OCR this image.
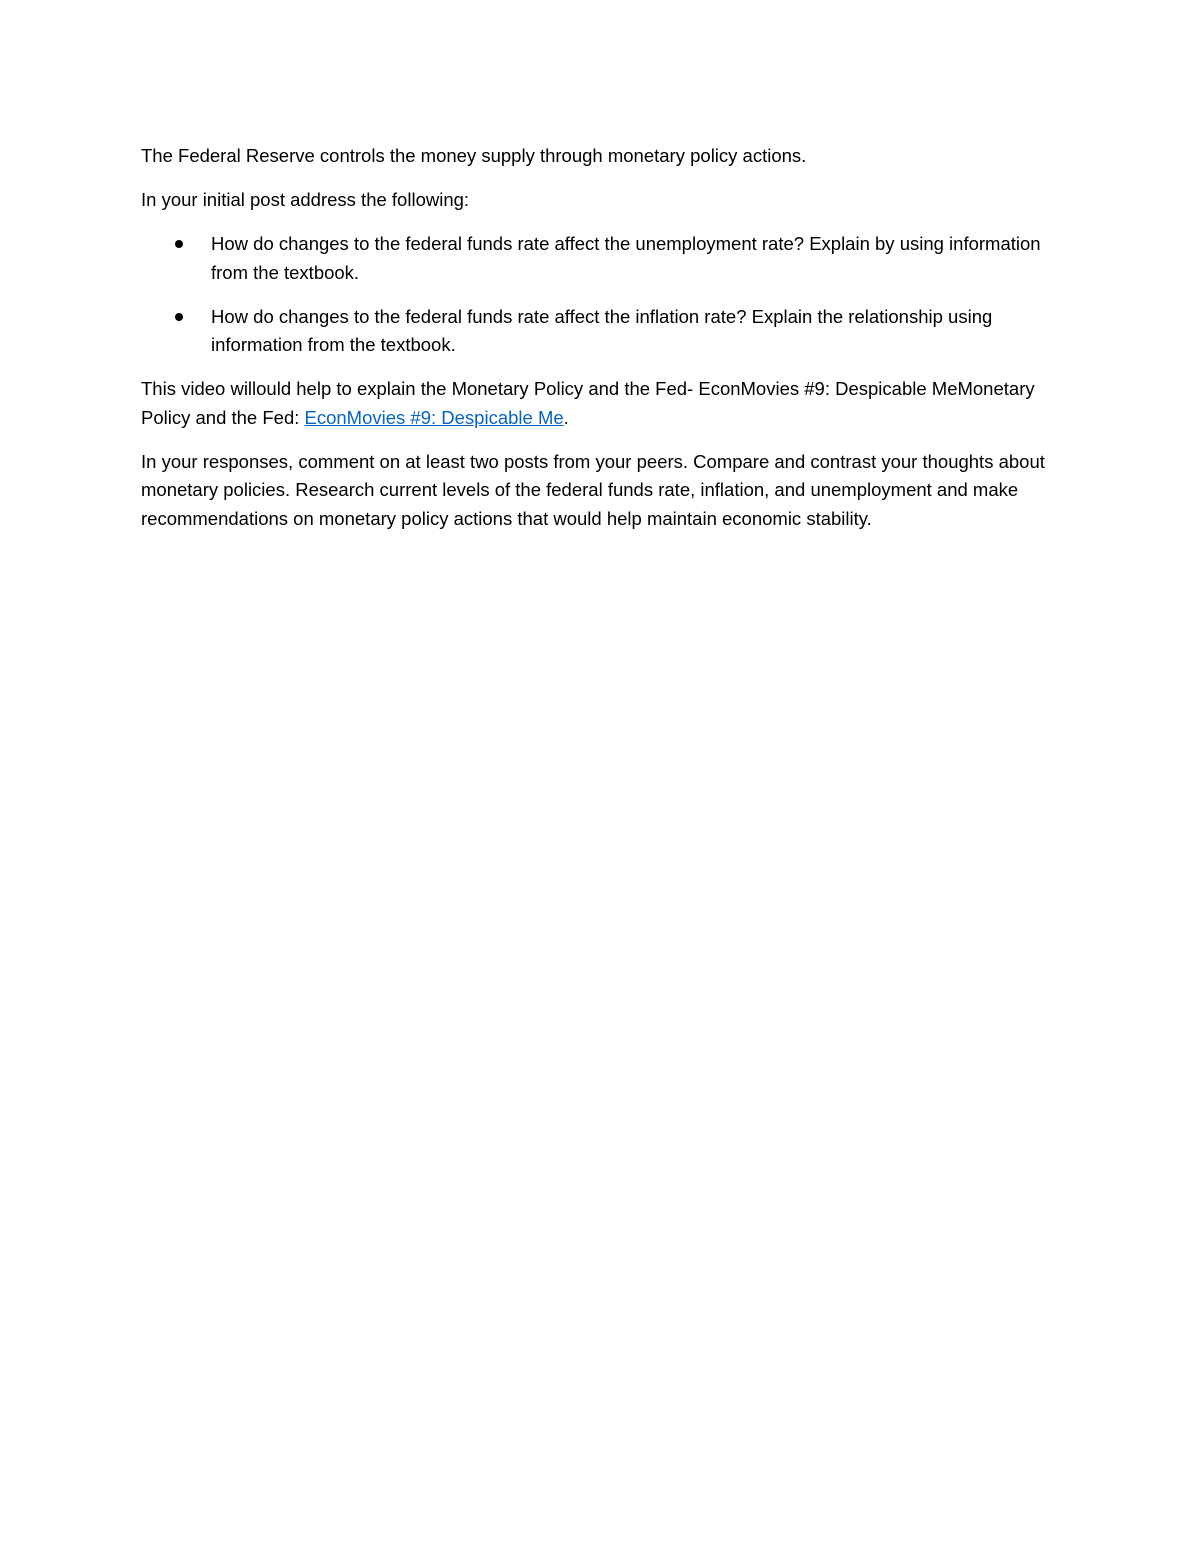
The Federal Reserve controls the money supply through monetary policy actions.

In your initial post address the following:

How do changes to the federal funds rate affect the unemployment rate? Explain by using information from the textbook.
How do changes to the federal funds rate affect the inflation rate? Explain the relationship using information from the textbook.

This video willould help to explain the Monetary Policy and the Fed- EconMovies #9: Despicable MeMonetary Policy and the Fed: EconMovies #9: Despicable Me.

In your responses, comment on at least two posts from your peers. Compare and contrast your thoughts about monetary policies. Research current levels of the federal funds rate, inflation, and unemployment and make recommendations on monetary policy actions that would help maintain economic stability.
